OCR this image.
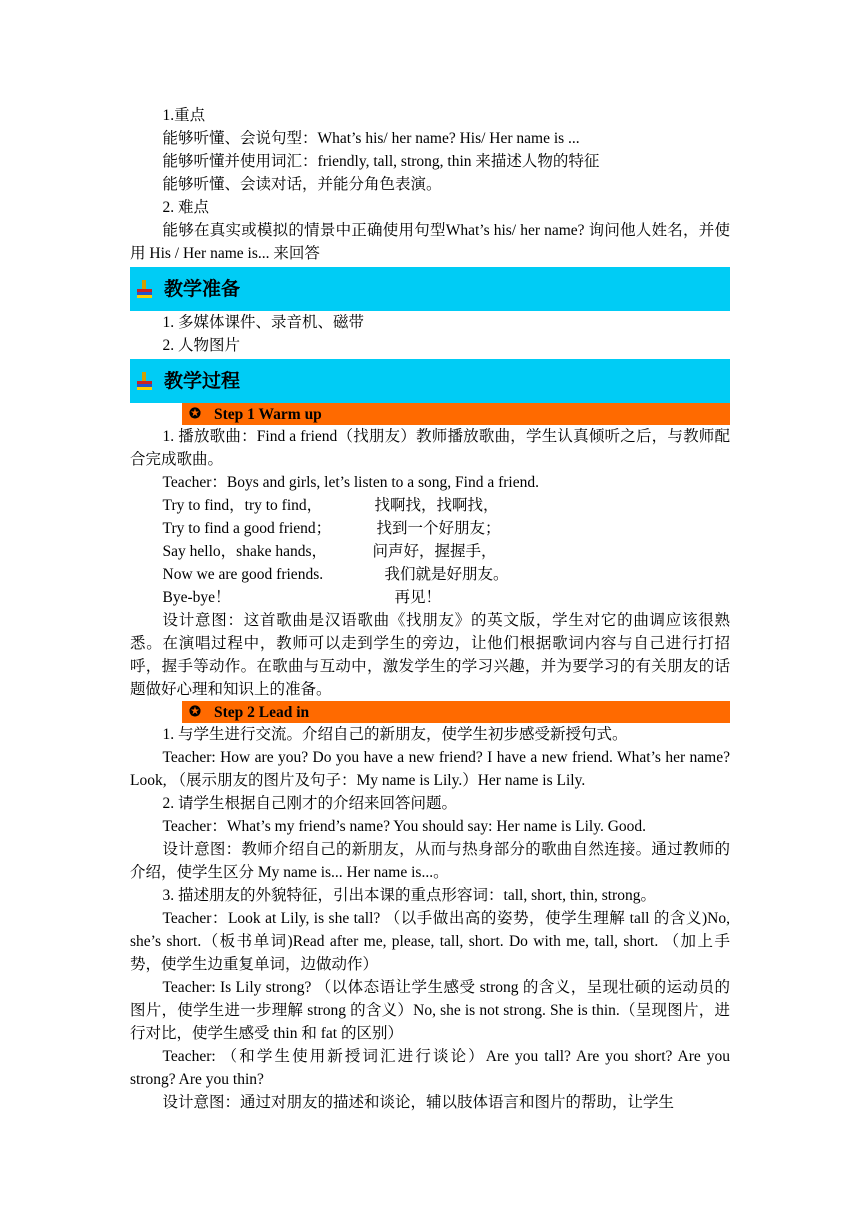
1.重点

能够听懂、会说句型：What’s his/ her name? His/ Her name is ...

能够听懂并使用词汇：friendly, tall, strong, thin 来描述人物的特征

能够听懂、会读对话，并能分角色表演。

2. 难点

能够在真实或模拟的情景中正确使用句型What’s his/ her name? 询问他人姓名，并使用 His / Her name is... 来回答

教学准备

1. 多媒体课件、录音机、磁带

2. 人物图片

教学过程
✪ Step 1 Warm up

1. 播放歌曲：Find a friend（找朋友）教师播放歌曲，学生认真倾听之后，与教师配合完成歌曲。

Teacher：Boys and girls, let’s listen to a song, Find a friend.

Try to find，try to find，	找啊找，找啊找，
Try to find a good friend；	找到一个好朋友；
Say hello，shake hands，	问声好，握握手，
Now we are good friends.	我们就是好朋友。
Bye-bye！	再见！

设计意图：这首歌曲是汉语歌曲《找朋友》的英文版，学生对它的曲调应该很熟悉。在演唱过程中，教师可以走到学生的旁边，让他们根据歌词内容与自己进行打招呼，握手等动作。在歌曲与互动中，激发学生的学习兴趣，并为要学习的有关朋友的话题做好心理和知识上的准备。

✪ Step 2 Lead in

1. 与学生进行交流。介绍自己的新朋友，使学生初步感受新授句式。

Teacher: How are you? Do you have a new friend? I have a new friend. What’s her name? Look, （展示朋友的图片及句子：My name is Lily.）Her name is Lily.

2. 请学生根据自己刚才的介绍来回答问题。

Teacher：What’s my friend’s name? You should say: Her name is Lily. Good.

设计意图：教师介绍自己的新朋友，从而与热身部分的歌曲自然连接。通过教师的介绍，使学生区分 My name is... Her name is...。

3. 描述朋友的外貌特征，引出本课的重点形容词：tall, short, thin, strong。

Teacher：Look at Lily, is she tall? （以手做出高的姿势，使学生理解 tall 的含义)No, she’s short.（板书单词)Read after me, please, tall, short. Do with me, tall, short. （加上手势，使学生边重复单词，边做动作）

Teacher: Is Lily strong? （以体态语让学生感受 strong 的含义，呈现壮硕的运动员的图片，使学生进一步理解 strong 的含义）No, she is not strong. She is thin.（呈现图片，进行对比，使学生感受 thin 和 fat 的区别）

Teacher: （和学生使用新授词汇进行谈论）Are you tall? Are you short? Are you strong? Are you thin?

设计意图：通过对朋友的描述和谈论，辅以肢体语言和图片的帮助，让学生
